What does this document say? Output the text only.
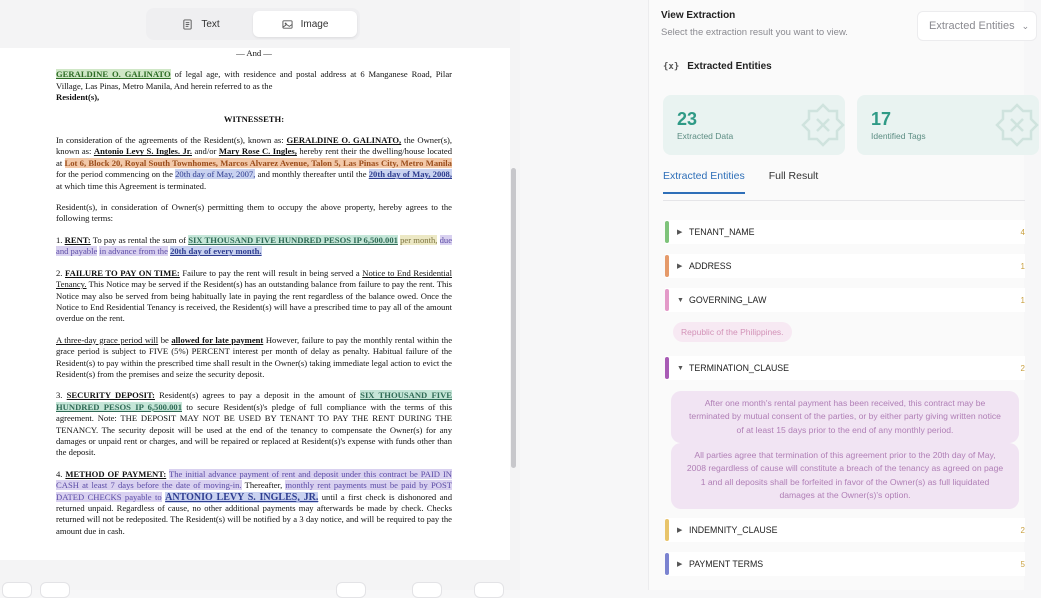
Text	Image

— And —

GERALDINE O. GALINATO of legal age, with residence and postal address at 6 Manganese Road, Pilar Village, Las Pinas, Metro Manila, And herein referred to as the
Resident(s),

WITNESSETH:

In consideration of the agreements of the Resident(s), known as: GERALDINE O. GALINATO, the Owner(s), known as: Antonio Levy S. Ingles. Jr. and/or Mary Rose C. Ingles, hereby rent their the dwelling/house located at Lot 6, Block 20, Royal South Townhomes, Marcos Alvarez Avenue, Talon 5, Las Pinas City, Metro Manila for the period commencing on the 20th day of May, 2007, and monthly thereafter until the 20th day of May, 2008, at which time this Agreement is terminated.

Resident(s), in consideration of Owner(s) permitting them to occupy the above property, hereby agrees to the following terms:

1. RENT: To pay as rental the sum of SIX THOUSAND FIVE HUNDRED PESOS IP 6,500.001 per month, due and payable in advance from the 20th day of every month.

2. FAILURE TO PAY ON TIME: Failure to pay the rent will result in being served a Notice to End Residential Tenancy. This Notice may be served if the Resident(s) has an outstanding balance from failure to pay the rent. This Notice may also be served from being habitually late in paying the rent regardless of the balance owed. Once the Notice to End Residential Tenancy is received, the Resident(s) will have a prescribed time to pay all of the amount overdue on the rent.

A three-day grace period will be allowed for late payment However, failure to pay the monthly rental within the grace period is subject to FIVE (5%) PERCENT interest per month of delay as penalty. Habitual failure of the Resident(s) to pay within the prescribed time shall result in the Owner(s) taking immediate legal action to evict the Resident(s) from the premises and seize the security deposit.

3. SECURITY DEPOSIT: Resident(s) agrees to pay a deposit in the amount of SIX THOUSAND FIVE HUNDRED PESOS IP 6,500.001 to secure Resident(s)'s pledge of full compliance with the terms of this agreement. Note: THE DEPOSIT MAY NOT BE USED BY TENANT TO PAY THE RENT DURING THE TENANCY. The security deposit will be used at the end of the tenancy to compensate the Owner(s) for any damages or unpaid rent or charges, and will be repaired or replaced at Resident(s)'s expense with funds other than the deposit.

4. METHOD OF PAYMENT: The initial advance payment of rent and deposit under this contract be PAID IN CASH at least 7 days before the date of moving-in. Thereafter, monthly rent payments must be paid by POST DATED CHECKS payable to ANTONIO LEVY S. INGLES, JR. until a first check is dishonored and returned unpaid. Regardless of cause, no other additional payments may afterwards be made by check. Checks returned will not be redeposited. The Resident(s) will be notified by a 3 day notice, and will be required to pay the amount due in cash.

View Extraction
Select the extraction result you want to view.
Extracted Entities ⌄
{x} Extracted Entities
23
Extracted Data
17
Identified Tags
Extracted Entities Full Result
▶ TENANT_NAME	4
▶ ADDRESS	1
▼ GOVERNING_LAW	1
Republic of the Philippines.
▼ TERMINATION_CLAUSE	2
After one month's rental payment has been received, this contract may be terminated by mutual consent of the parties, or by either party giving written notice of at least 15 days prior to the end of any monthly period.
All parties agree that termination of this agreement prior to the 20th day of May, 2008 regardless of cause will constitute a breach of the tenancy as agreed on page 1 and all deposits shall be forfeited in favor of the Owner(s) as full liquidated damages at the Owner(s)'s option.
▶ INDEMNITY_CLAUSE	2
▶ PAYMENT TERMS	5
